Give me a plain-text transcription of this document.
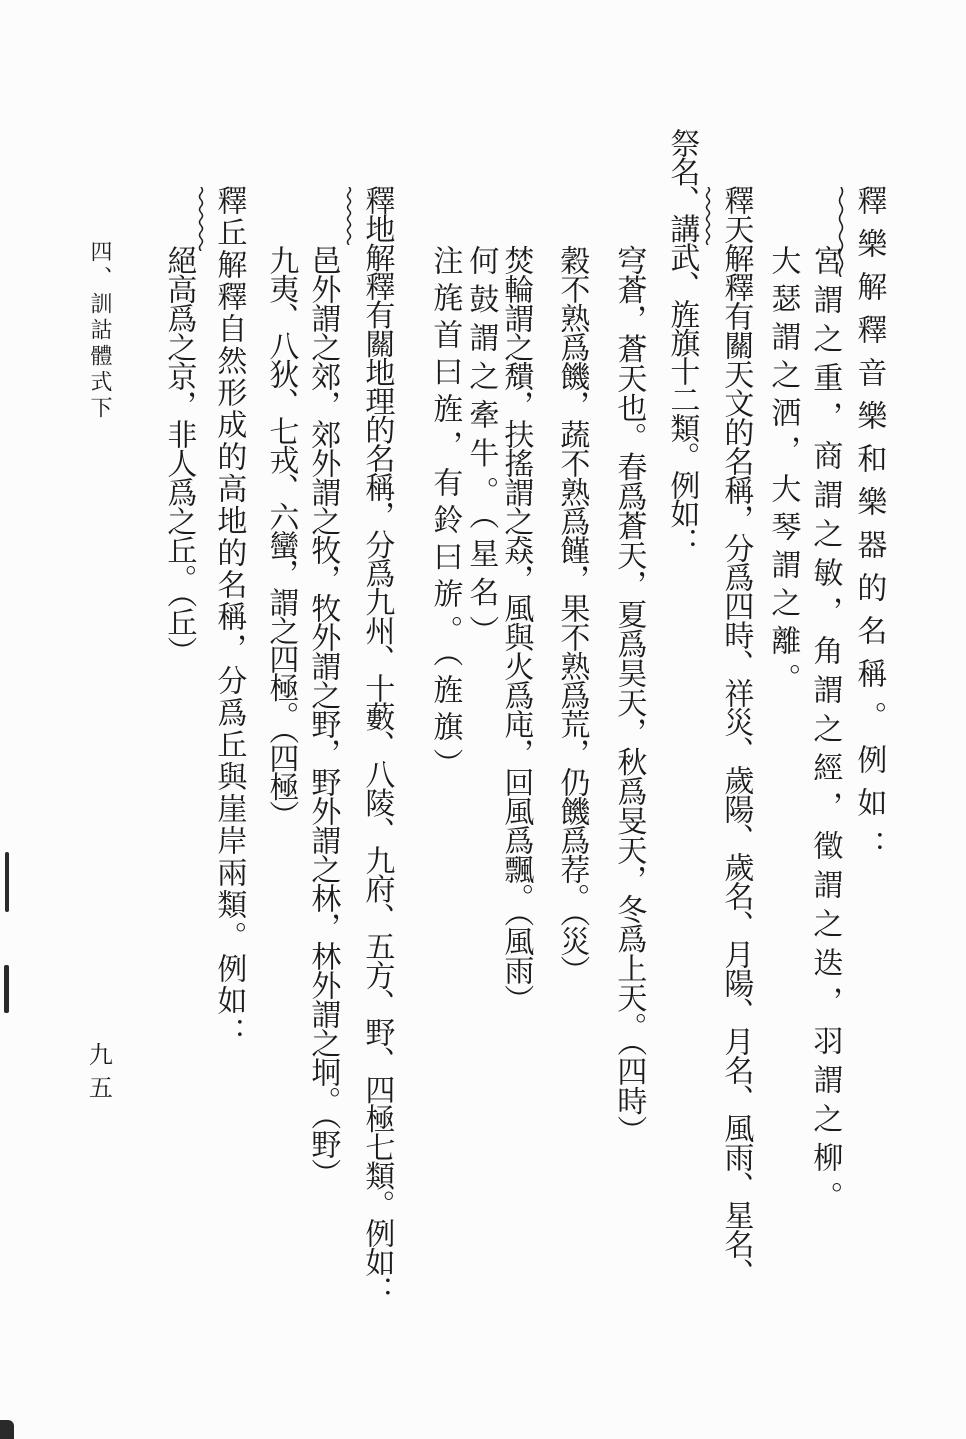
四、訓詁體式下
九五
釋樂解釋音樂和樂器的名稱。例如：
宮謂之重，商謂之敏，角謂之經，徵謂之迭，羽謂之柳。
大瑟謂之洒，大琴謂之離。
釋天解釋有關天文的名稱，分爲四時、祥災、歲陽、歲名、月陽、月名、風雨、星名、
祭名、講武、旌旗十二類。例如：
穹蒼，蒼天也。春爲蒼天，夏爲昊天，秋爲旻天，冬爲上天。（四時）
穀不熟爲饑，蔬不熟爲饉，果不熟爲荒，仍饑爲荐。（災）
焚輪謂之穨，扶搖謂之猋，風與火爲庉，回風爲飄。（風雨）
何鼓謂之牽牛。（星名）
注旄首曰旌，有鈴曰旂。（旌旗）
釋地解釋有關地理的名稱，分爲九州、十藪、八陵、九府、五方、野、四極七類。例如：
邑外謂之郊，郊外謂之牧，牧外謂之野，野外謂之林，林外謂之坰。（野）
九夷、八狄、七戎、六蠻，謂之四極。（四極）
釋丘解釋自然形成的高地的名稱，分爲丘與崖岸兩類。例如：
絕高爲之京，非人爲之丘。（丘）
